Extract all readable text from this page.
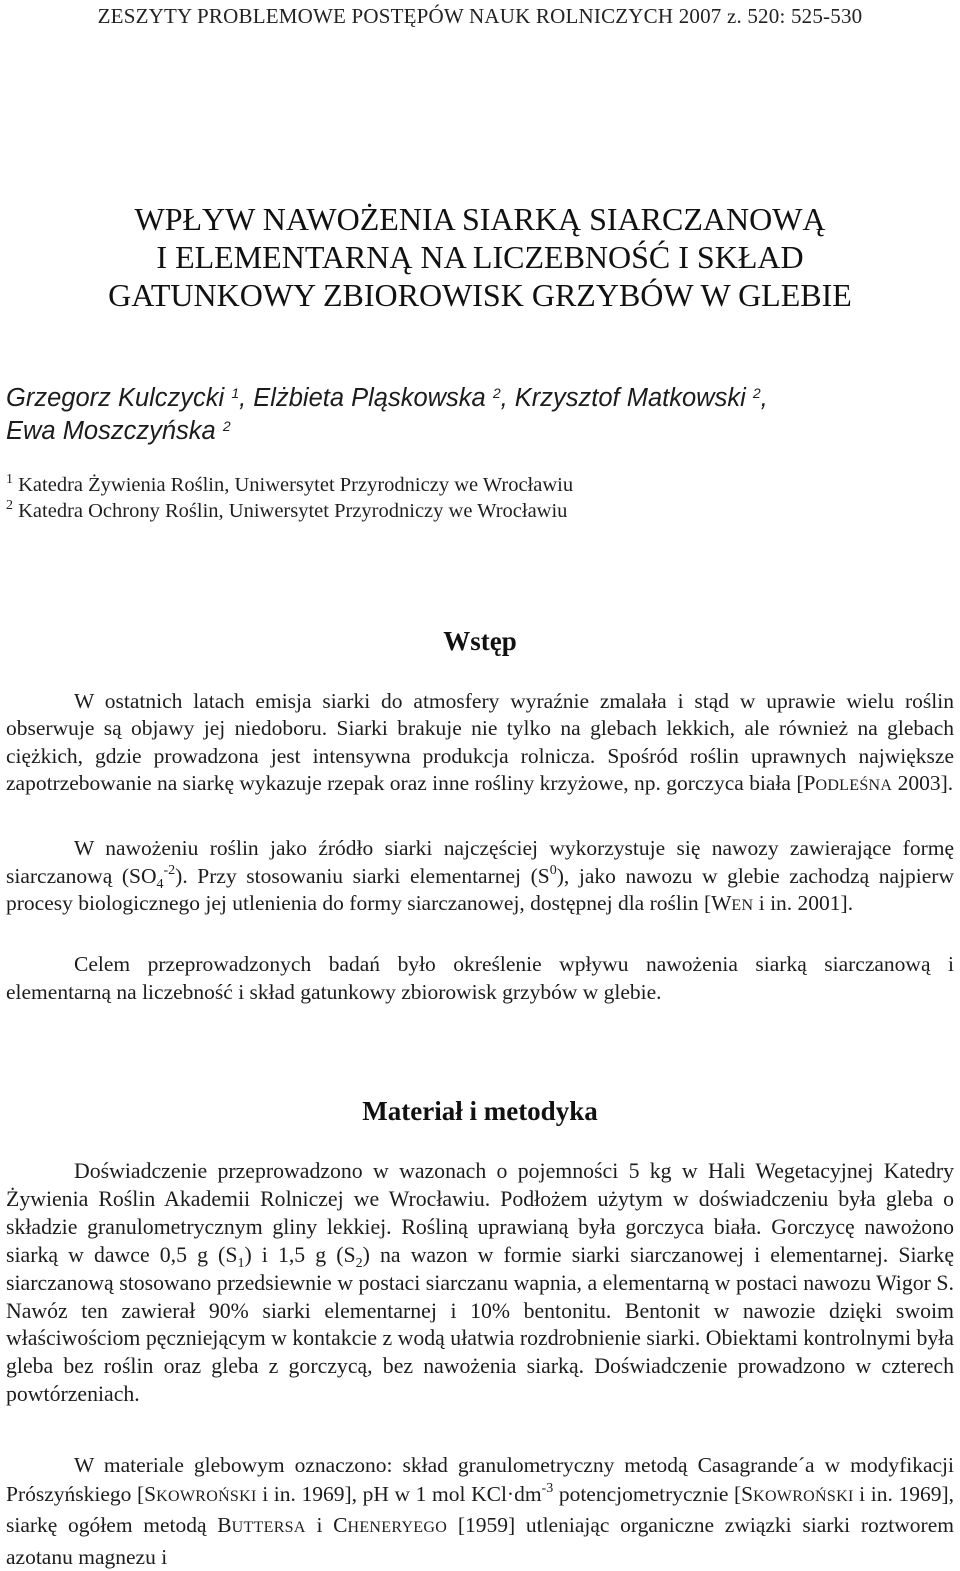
ZESZYTY PROBLEMOWE POSTĘPÓW NAUK ROLNICZYCH 2007 z. 520: 525-530
WPŁYW NAWOŻENIA SIARKĄ SIARCZANOWĄ
I ELEMENTARNĄ NA LICZEBNOŚĆ I SKŁAD
GATUNKOWY ZBIOROWISK GRZYBÓW W GLEBIE
Grzegorz Kulczycki $^1$, Elżbieta Pląskowska $^2$, Krzysztof Matkowski $^2$,
Ewa Moszczyńska $^2$
$^1$ Katedra Żywienia Roślin, Uniwersytet Przyrodniczy we Wrocławiu
$^2$ Katedra Ochrony Roślin, Uniwersytet Przyrodniczy we Wrocławiu
Wstęp

W ostatnich latach emisja siarki do atmosfery wyraźnie zmalała i stąd w uprawie wielu roślin obserwuje są objawy jej niedoboru. Siarki brakuje nie tylko na glebach lekkich, ale również na glebach ciężkich, gdzie prowadzona jest intensywna produkcja rolnicza. Spośród roślin uprawnych największe zapotrzebowanie na siarkę wykazuje rzepak oraz inne rośliny krzyżowe, np. gorczyca biała [PODLEŚNA 2003].

W nawożeniu roślin jako źródło siarki najczęściej wykorzystuje się nawozy zawierające formę siarczanową $(SO_4^{-2})$. Przy stosowaniu siarki elementarnej $(S^0)$, jako nawozu w glebie zachodzą najpierw procesy biologicznego jej utlenienia do formy siarczanowej, dostępnej dla roślin [WEN i in. 2001].

Celem przeprowadzonych badań było określenie wpływu nawożenia siarką siarczanową i elementarną na liczebność i skład gatunkowy zbiorowisk grzybów w glebie.

Materiał i metodyka

Doświadczenie przeprowadzono w wazonach o pojemności 5 kg w Hali Wegetacyjnej Katedry Żywienia Roślin Akademii Rolniczej we Wrocławiu. Podłożem użytym w doświadczeniu była gleba o składzie granulometrycznym gliny lekkiej. Rośliną uprawianą była gorczyca biała. Gorczycę nawożono siarką w dawce 0,5 g $(S_1)$ i 1,5 g $(S_2)$ na wazon w formie siarki siarczanowej i elementarnej. Siarkę siarczanową stosowano przedsiewnie w postaci siarczanu wapnia, a elementarną w postaci nawozu Wigor S. Nawóz ten zawierał 90% siarki elementarnej i 10% bentonitu. Bentonit w nawozie dzięki swoim właściwościom pęczniejącym w kontakcie z wodą ułatwia rozdrobnienie siarki. Obiektami kontrolnymi była gleba bez roślin oraz gleba z gorczycą, bez nawożenia siarką. Doświadczenie prowadzono w czterech powtórzeniach.

W materiale glebowym oznaczono: skład granulometryczny metodą Casagrande´a w modyfikacji Prószyńskiego [SKOWROŃSKI i in. 1969], pH w 1 mol $KCl\cdot dm^{-3}$ potencjometrycznie [SKOWROŃSKI i in. 1969], siarkę ogółem metodą BUTTERSA i CHENERYEGO [1959] utleniając organiczne związki siarki roztworem azotanu magnezu i
